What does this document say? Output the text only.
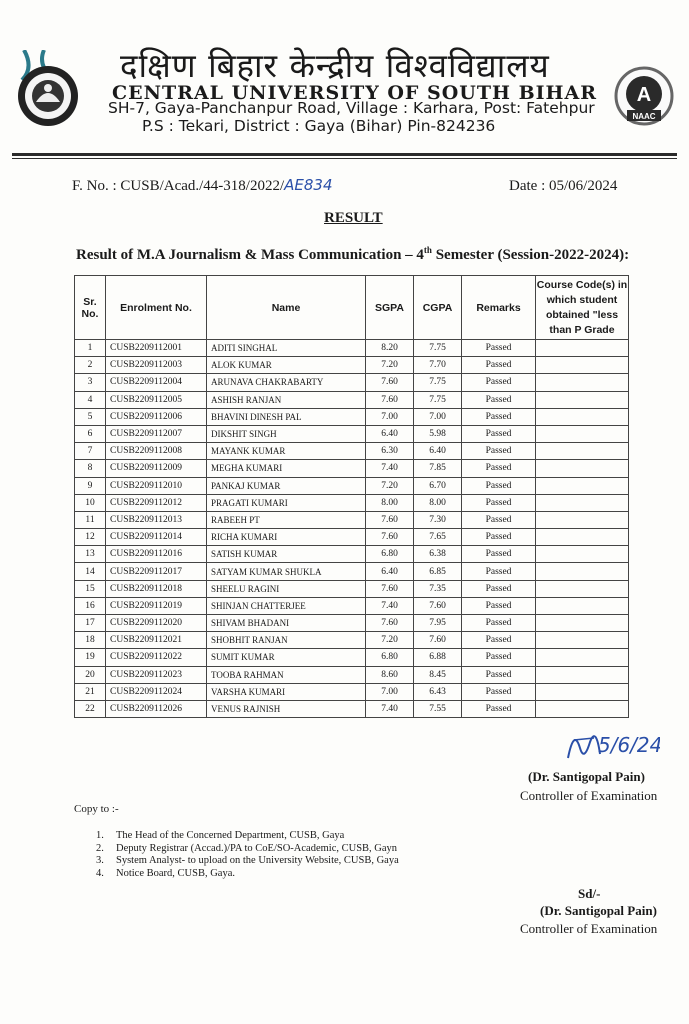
दक्षिण बिहार केन्द्रीय विश्वविद्यालय
CENTRAL UNIVERSITY OF SOUTH BIHAR
SH-7, Gaya-Panchanpur Road, Village : Karhara, Post: Fatehpur
P.S : Tekari, District : Gaya (Bihar) Pin-824236
A
NAAC
F. No. : CUSB/Acad./44-318/2022/AE834	Date : 05/06/2024
RESULT
Result of M.A Journalism & Mass Communication – 4th Semester (Session-2022-2024):
Sr. No.	Enrolment No.	Name	SGPA	CGPA	Remarks	Course Code(s) in which student obtained "less than P Grade
1	CUSB2209112001	ADITI SINGHAL	8.20	7.75	Passed	
2	CUSB2209112003	ALOK KUMAR	7.20	7.70	Passed	
3	CUSB2209112004	ARUNAVA CHAKRABARTY	7.60	7.75	Passed	
4	CUSB2209112005	ASHISH RANJAN	7.60	7.75	Passed	
5	CUSB2209112006	BHAVINI DINESH PAL	7.00	7.00	Passed	
6	CUSB2209112007	DIKSHIT SINGH	6.40	5.98	Passed	
7	CUSB2209112008	MAYANK KUMAR	6.30	6.40	Passed	
8	CUSB2209112009	MEGHA KUMARI	7.40	7.85	Passed	
9	CUSB2209112010	PANKAJ KUMAR	7.20	6.70	Passed	
10	CUSB2209112012	PRAGATI KUMARI	8.00	8.00	Passed	
11	CUSB2209112013	RABEEH PT	7.60	7.30	Passed	
12	CUSB2209112014	RICHA KUMARI	7.60	7.65	Passed	
13	CUSB2209112016	SATISH KUMAR	6.80	6.38	Passed	
14	CUSB2209112017	SATYAM KUMAR SHUKLA	6.40	6.85	Passed	
15	CUSB2209112018	SHEELU RAGINI	7.60	7.35	Passed	
16	CUSB2209112019	SHINJAN CHATTERJEE	7.40	7.60	Passed	
17	CUSB2209112020	SHIVAM BHADANI	7.60	7.95	Passed	
18	CUSB2209112021	SHOBHIT RANJAN	7.20	7.60	Passed	
19	CUSB2209112022	SUMIT KUMAR	6.80	6.88	Passed	
20	CUSB2209112023	TOOBA RAHMAN	8.60	8.45	Passed	
21	CUSB2209112024	VARSHA KUMARI	7.00	6.43	Passed	
22	CUSB2209112026	VENUS RAJNISH	7.40	7.55	Passed	
5/6/24
(Dr. Santigopal Pain)
Controller of Examination
Copy to :-
1. The Head of the Concerned Department, CUSB, Gaya
2. Deputy Registrar (Accad.)/PA to CoE/SO-Academic, CUSB, Gayn
3. System Analyst- to upload on the University Website, CUSB, Gaya
4. Notice Board, CUSB, Gaya.
Sd/-
(Dr. Santigopal Pain)
Controller of Examination
